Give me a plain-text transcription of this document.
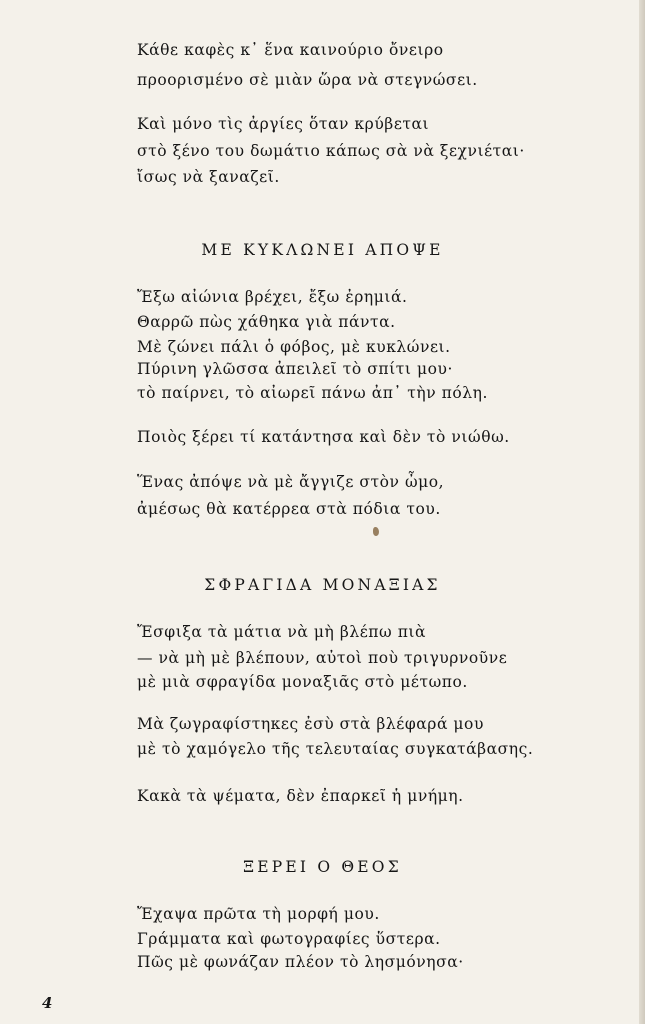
Κάθε καφὲς κ᾿ ἕνα καινούριο ὄνειρο
προορισμένο σὲ μιὰν ὥρα νὰ στεγνώσει.
Καὶ μόνο τὶς ἀργίες ὅταν κρύβεται
στὸ ξένο του δωμάτιο κάπως σὰ νὰ ξεχνιέται·
ἴσως νὰ ξαναζεῖ.
ΜΕ ΚΥΚΛΩΝΕΙ ΑΠΟΨΕ
Ἔξω αἰώνια βρέχει, ἔξω ἐρημιά.
Θαρρῶ πὼς χάθηκα γιὰ πάντα.
Μὲ ζώνει πάλι ὁ φόβος, μὲ κυκλώνει.
Πύρινη γλῶσσα ἀπειλεῖ τὸ σπίτι μου·
τὸ παίρνει, τὸ αἰωρεῖ πάνω ἀπ᾿ τὴν πόλη.
Ποιὸς ξέρει τί κατάντησα καὶ δὲν τὸ νιώθω.
Ἕνας ἀπόψε νὰ μὲ ἄγγιζε στὸν ὦμο,
ἀμέσως θὰ κατέρρεα στὰ πόδια του.
ΣΦΡΑΓΙΔΑ ΜΟΝΑΞΙΑΣ
Ἔσφιξα τὰ μάτια νὰ μὴ βλέπω πιὰ
— νὰ μὴ μὲ βλέπουν, αὐτοὶ ποὺ τριγυρνοῦνε
μὲ μιὰ σφραγίδα μοναξιᾶς στὸ μέτωπο.
Μὰ ζωγραφίστηκες ἐσὺ στὰ βλέφαρά μου
μὲ τὸ χαμόγελο τῆς τελευταίας συγκατάβασης.
Κακὰ τὰ ψέματα, δὲν ἐπαρκεῖ ἡ μνήμη.
ΞΕΡΕΙ Ο ΘΕΟΣ
Ἔχαψα πρῶτα τὴ μορφή μου.
Γράμματα καὶ φωτογραφίες ὕστερα.
Πῶς μὲ φωνάζαν πλέον τὸ λησμόνησα·
4
